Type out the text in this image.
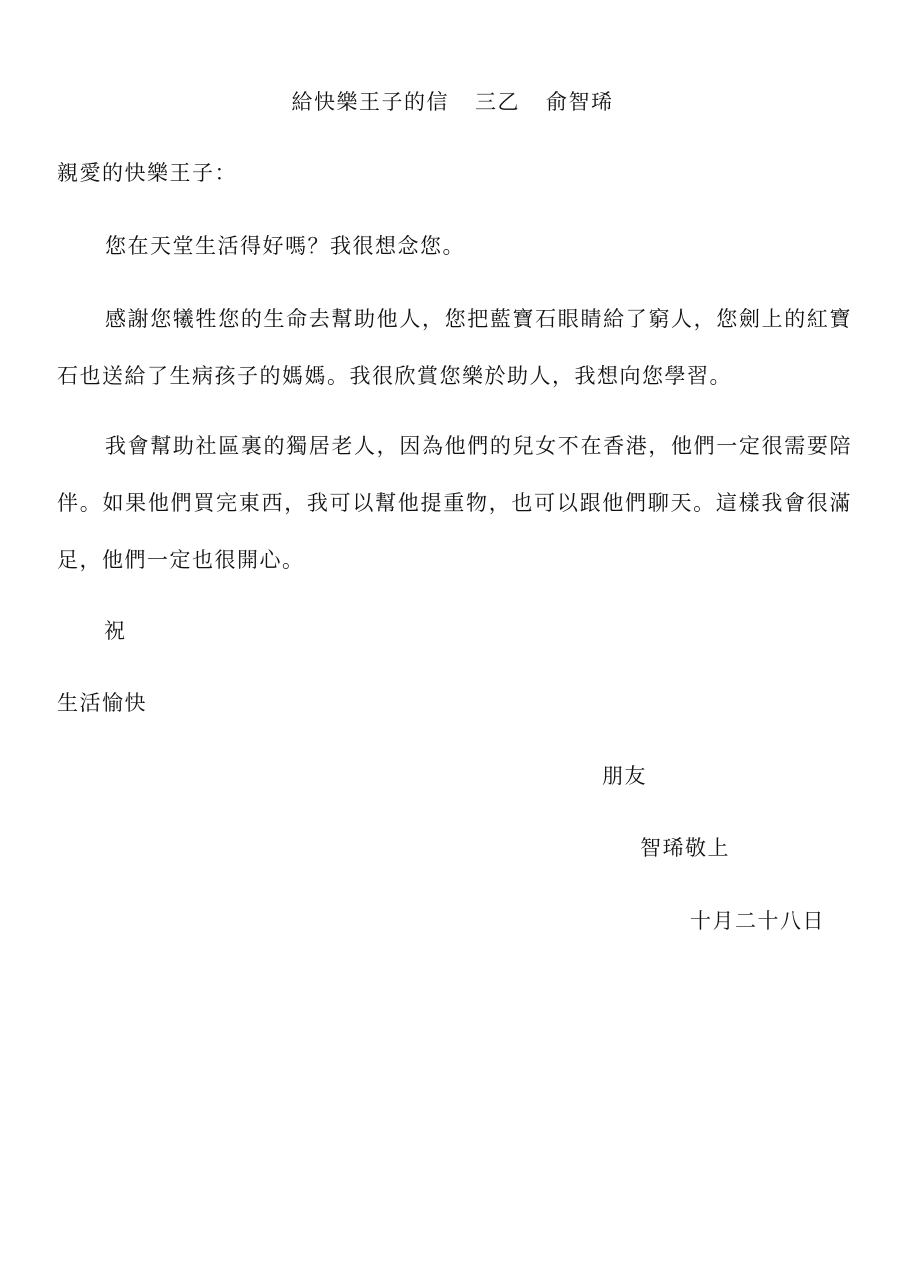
給快樂王子的信 三乙 俞智琋
親愛的快樂王子：

您在天堂生活得好嗎？我很想念您。

感謝您犧牲您的生命去幫助他人，您把藍寶石眼睛給了窮人，您劍上的紅寶石也送給了生病孩子的媽媽。我很欣賞您樂於助人，我想向您學習。

我會幫助社區裏的獨居老人，因為他們的兒女不在香港，他們一定很需要陪伴。如果他們買完東西，我可以幫他提重物，也可以跟他們聊天。這樣我會很滿足，他們一定也很開心。

祝
生活愉快
朋友
智琋敬上
十月二十八日
